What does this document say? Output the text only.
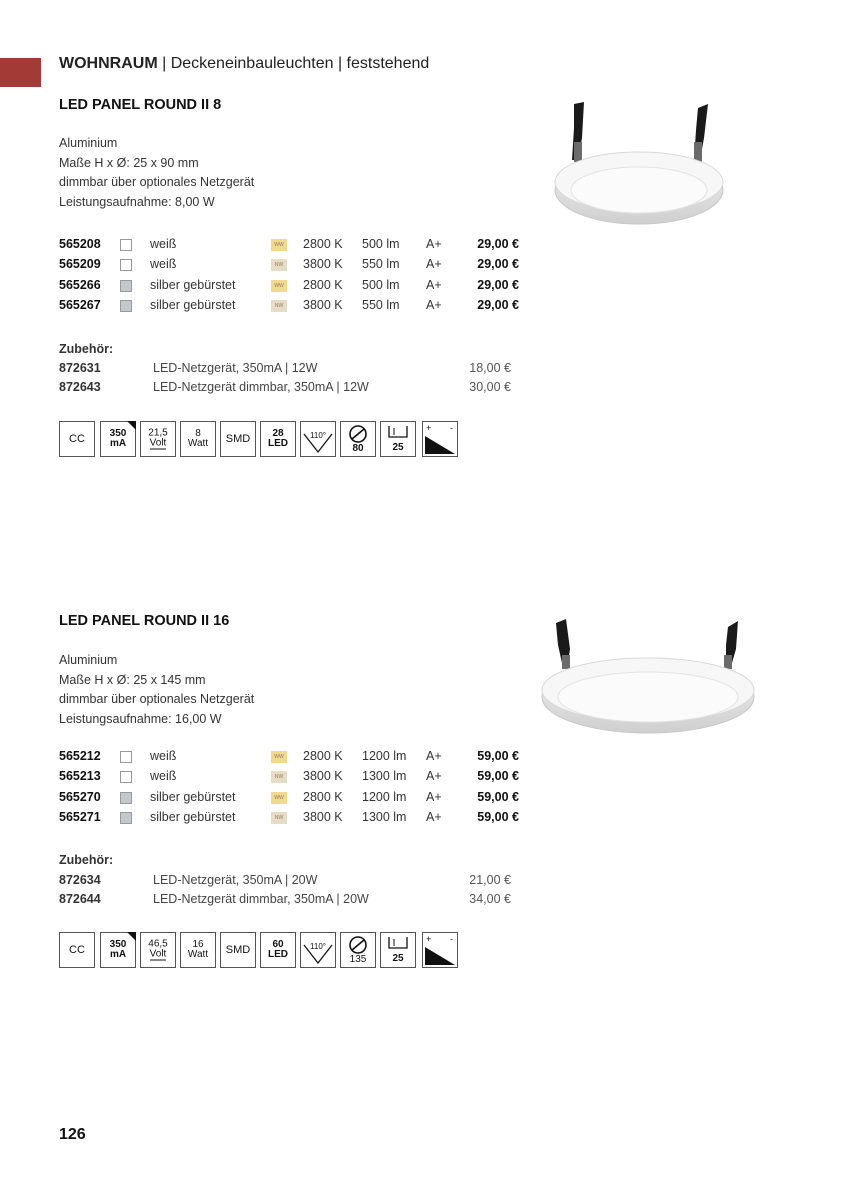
WOHNRAUM | Deckeneinbauleuchten | feststehend
LED PANEL ROUND II 8
Aluminium
Maße H x Ø: 25 x 90 mm
dimmbar über optionales Netzgerät
Leistungsaufnahme: 8,00 W
565208	weiß	WW 2800 K 500 lm A+	29,00 €
565209	weiß	NW	3800 K 550 lm A+	29,00 €
565266	silber gebürstet	WW 2800 K 500 lm A+	29,00 €
565267	silber gebürstet	NW	3800 K 550 lm A+	29,00 €
Zubehör:
872631	LED-Netzgerät, 350mA | 12W	18,00 €
872643	LED-Netzgerät dimmbar, 350mA | 12W	30,00 €
CC	350
mA
21,5
Volt
8
Watt	SMD	28
LED
110°
80	25
+ -
LED PANEL ROUND II 16
Aluminium
Maße H x Ø: 25 x 145 mm
dimmbar über optionales Netzgerät
Leistungsaufnahme: 16,00 W
565212	weiß	WW 2800 K 1200 lm A+	59,00 €
565213	weiß	NW	3800 K 1300 lm A+	59,00 €
565270	silber gebürstet	WW 2800 K 1200 lm A+	59,00 €
565271	silber gebürstet	NW	3800 K 1300 lm A+	59,00 €
Zubehör:
872634	LED-Netzgerät, 350mA | 20W	21,00 €
872644	LED-Netzgerät dimmbar, 350mA | 20W	34,00 €
CC	350
mA
46,5
Volt
16
Watt	SMD	60
LED
110°
135	25
+ -
126
